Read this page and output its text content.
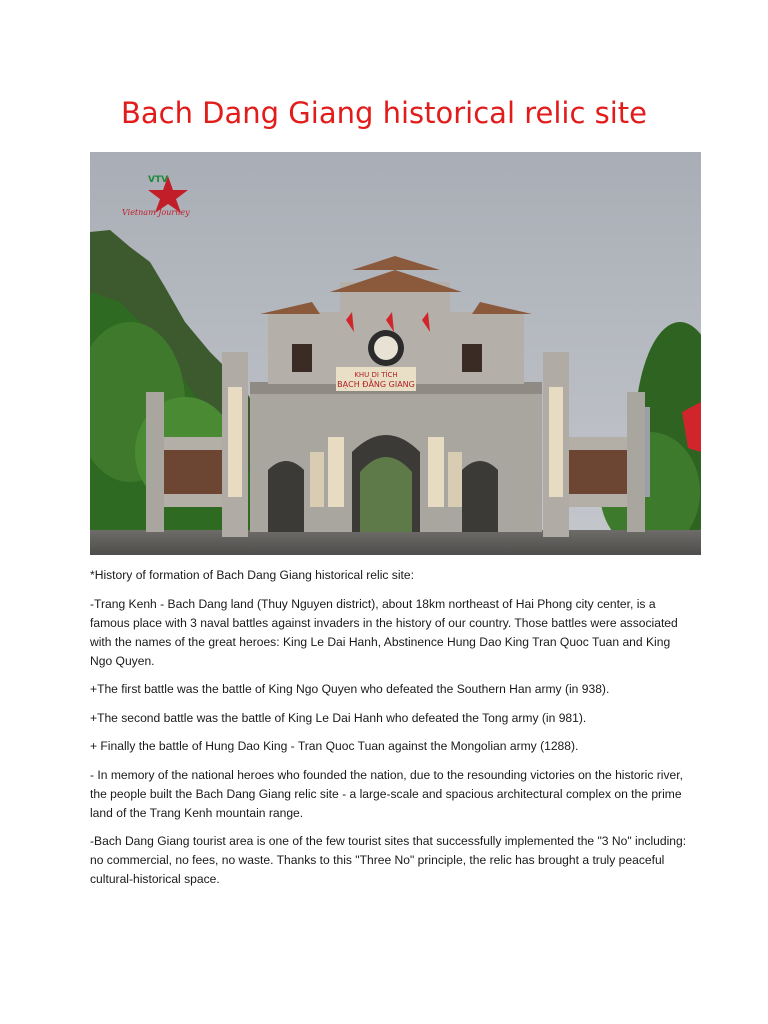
Bach Dang Giang historical relic site
KHU DI TÍCH
BẠCH ĐẰNG GIANG
VTV
Vietnam Journey

*History of formation of Bach Dang Giang historical relic site:

-Trang Kenh - Bach Dang land (Thuy Nguyen district), about 18km northeast of Hai Phong city center, is a famous place with 3 naval battles against invaders in the history of our country. Those battles were associated with the names of the great heroes: King Le Dai Hanh, Abstinence Hung Dao King Tran Quoc Tuan and King Ngo Quyen.

+The first battle was the battle of King Ngo Quyen who defeated the Southern Han army (in 938).

+The second battle was the battle of King Le Dai Hanh who defeated the Tong army (in 981).

+ Finally the battle of Hung Dao King - Tran Quoc Tuan against the Mongolian army (1288).

- In memory of the national heroes who founded the nation, due to the resounding victories on the historic river, the people built the Bach Dang Giang relic site - a large-scale and spacious architectural complex on the prime land of the Trang Kenh mountain range.

-Bach Dang Giang tourist area is one of the few tourist sites that successfully implemented the "3 No" including: no commercial, no fees, no waste. Thanks to this "Three No" principle, the relic has brought a truly peaceful cultural-historical space.
